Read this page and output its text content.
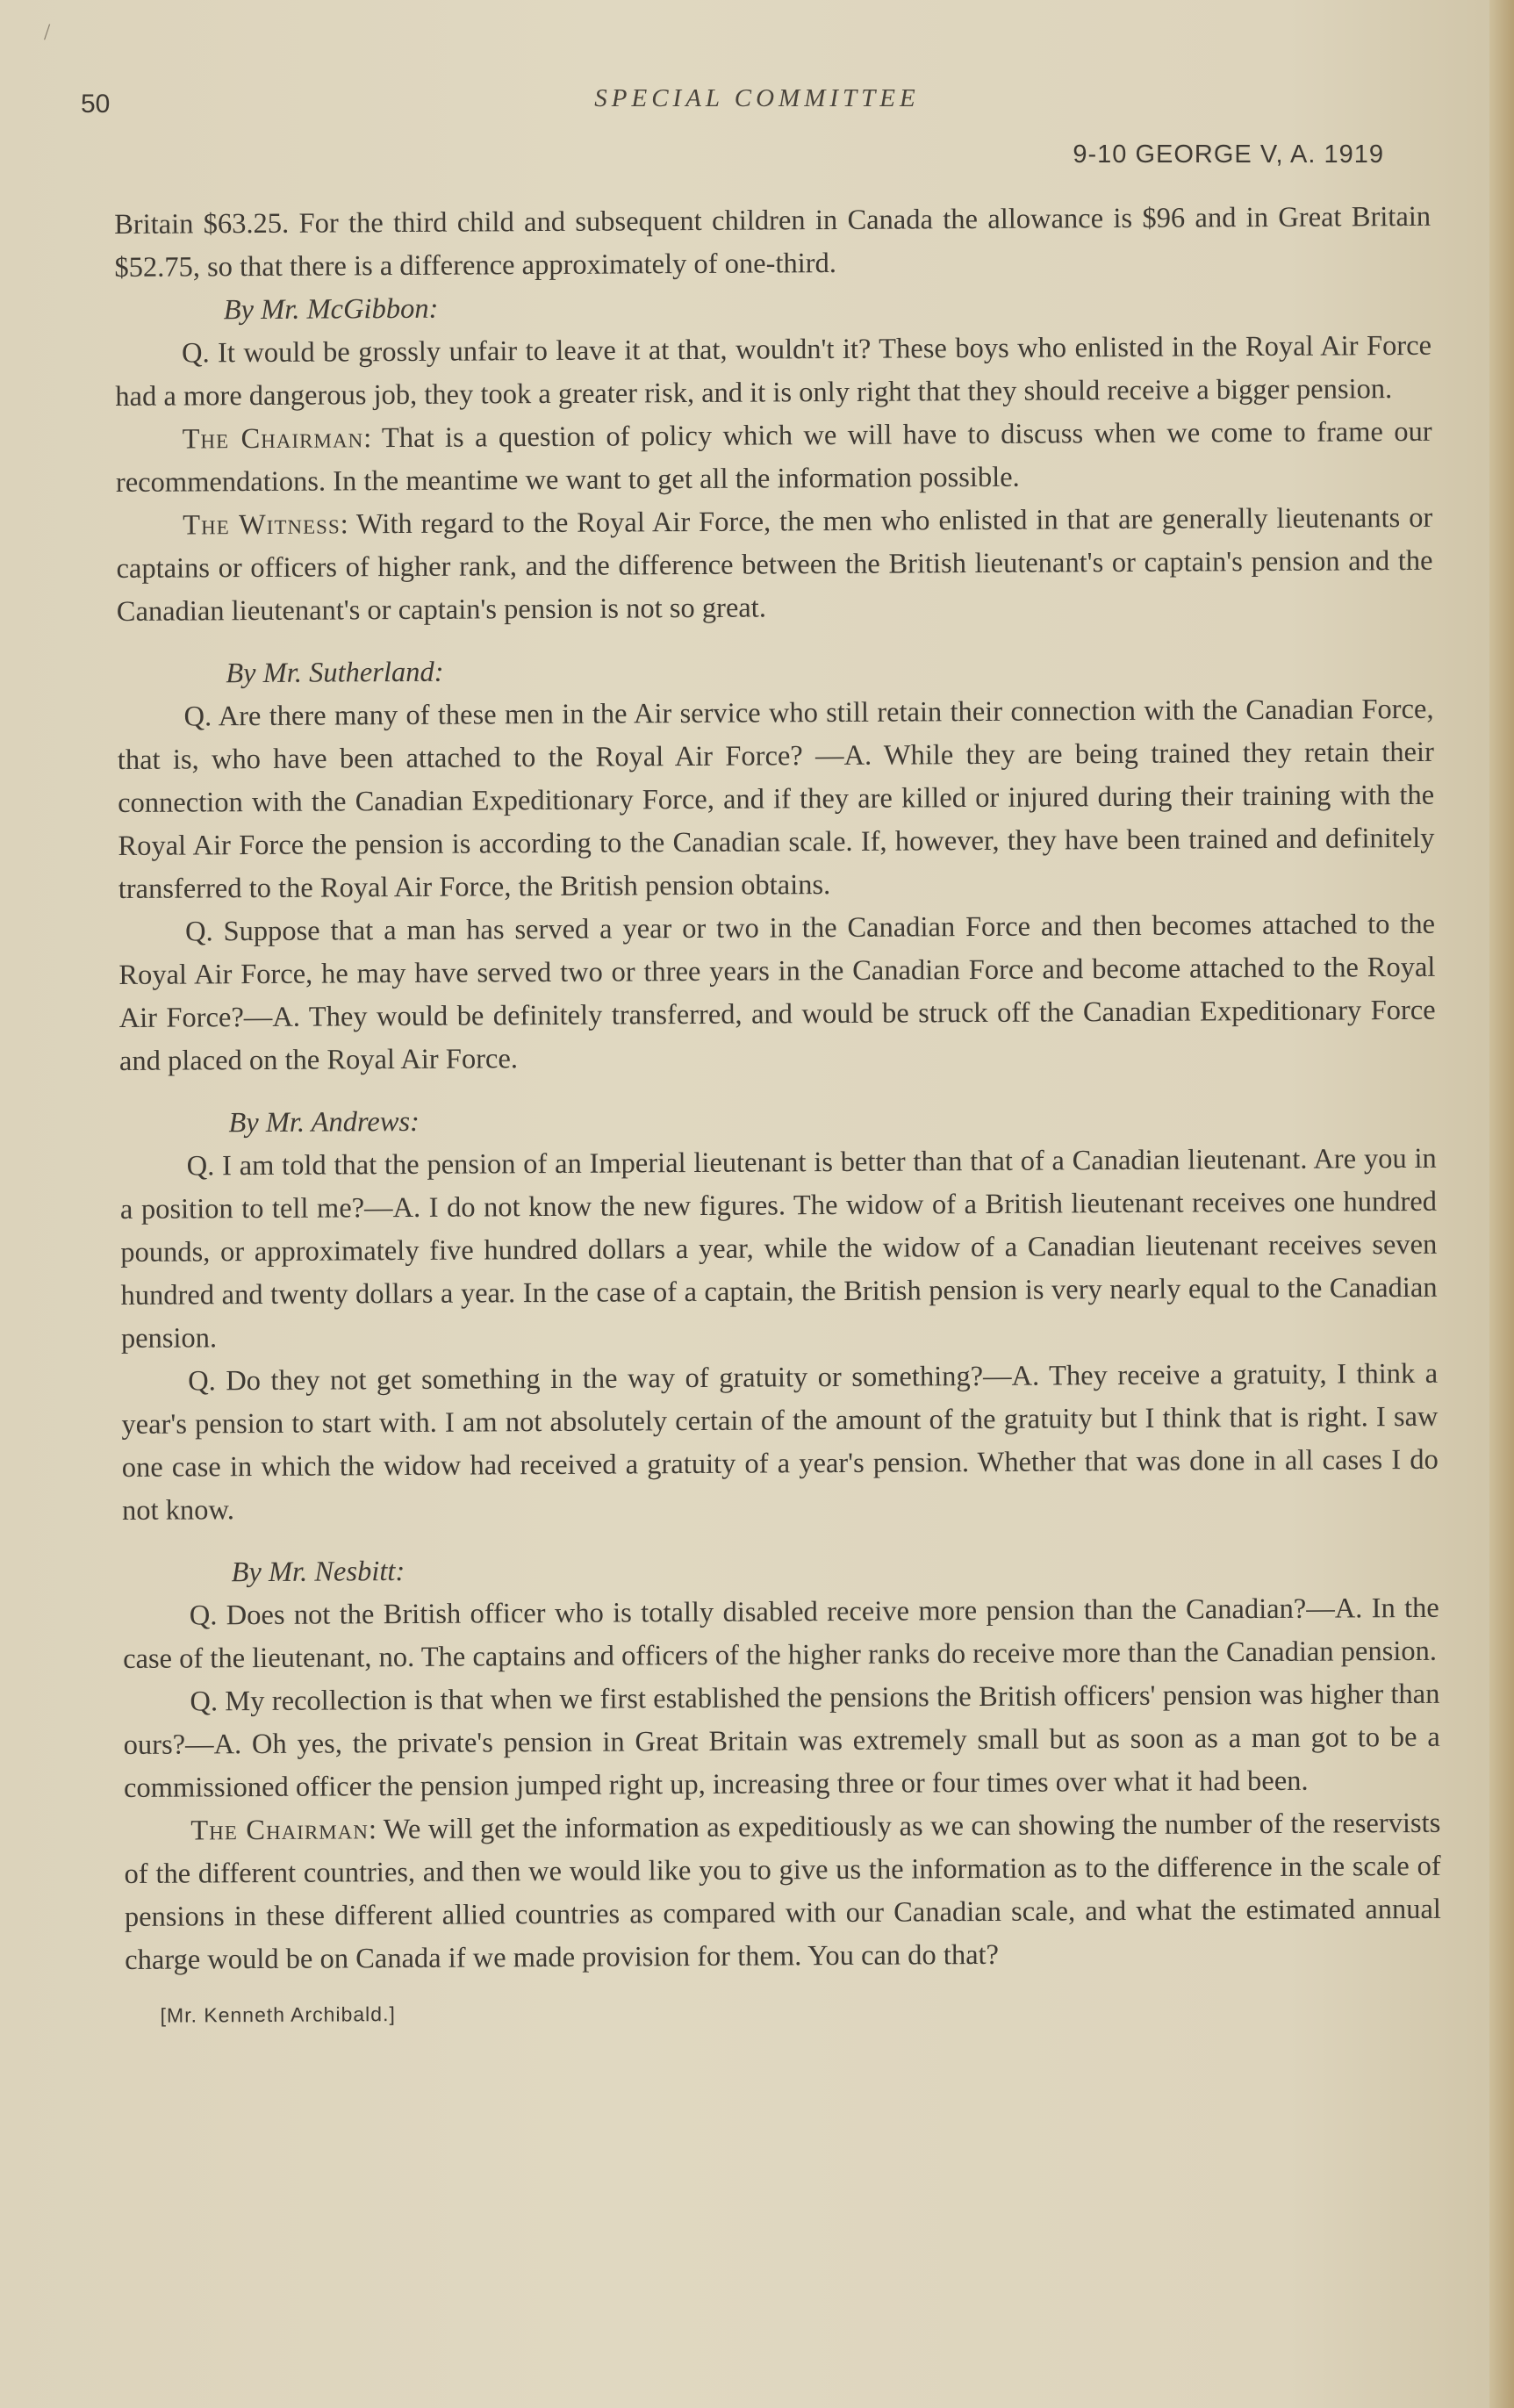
/
50	SPECIAL COMMITTEE
9-10 GEORGE V, A. 1919

Britain $63.25. For the third child and subsequent children in Canada the allowance is $96 and in Great Britain $52.75, so that there is a difference approximately of one-third.

By Mr. McGibbon:

Q. It would be grossly unfair to leave it at that, wouldn't it? These boys who enlisted in the Royal Air Force had a more dangerous job, they took a greater risk, and it is only right that they should receive a bigger pension.

The Chairman: That is a question of policy which we will have to discuss when we come to frame our recommendations. In the meantime we want to get all the information possible.

The Witness: With regard to the Royal Air Force, the men who enlisted in that are generally lieutenants or captains or officers of higher rank, and the difference between the British lieutenant's or captain's pension and the Canadian lieutenant's or captain's pension is not so great.

By Mr. Sutherland:

Q. Are there many of these men in the Air service who still retain their connection with the Canadian Force, that is, who have been attached to the Royal Air Force? —A. While they are being trained they retain their connection with the Canadian Expeditionary Force, and if they are killed or injured during their training with the Royal Air Force the pension is according to the Canadian scale. If, however, they have been trained and definitely transferred to the Royal Air Force, the British pension obtains.

Q. Suppose that a man has served a year or two in the Canadian Force and then becomes attached to the Royal Air Force, he may have served two or three years in the Canadian Force and become attached to the Royal Air Force?—A. They would be definitely transferred, and would be struck off the Canadian Expeditionary Force and placed on the Royal Air Force.

By Mr. Andrews:

Q. I am told that the pension of an Imperial lieutenant is better than that of a Canadian lieutenant. Are you in a position to tell me?—A. I do not know the new figures. The widow of a British lieutenant receives one hundred pounds, or approximately five hundred dollars a year, while the widow of a Canadian lieutenant receives seven hundred and twenty dollars a year. In the case of a captain, the British pension is very nearly equal to the Canadian pension.

Q. Do they not get something in the way of gratuity or something?—A. They receive a gratuity, I think a year's pension to start with. I am not absolutely certain of the amount of the gratuity but I think that is right. I saw one case in which the widow had received a gratuity of a year's pension. Whether that was done in all cases I do not know.

By Mr. Nesbitt:

Q. Does not the British officer who is totally disabled receive more pension than the Canadian?—A. In the case of the lieutenant, no. The captains and officers of the higher ranks do receive more than the Canadian pension.

Q. My recollection is that when we first established the pensions the British officers' pension was higher than ours?—A. Oh yes, the private's pension in Great Britain was extremely small but as soon as a man got to be a commissioned officer the pension jumped right up, increasing three or four times over what it had been.

The Chairman: We will get the information as expeditiously as we can showing the number of the reservists of the different countries, and then we would like you to give us the information as to the difference in the scale of pensions in these different allied countries as compared with our Canadian scale, and what the estimated annual charge would be on Canada if we made provision for them. You can do that?

[Mr. Kenneth Archibald.]
